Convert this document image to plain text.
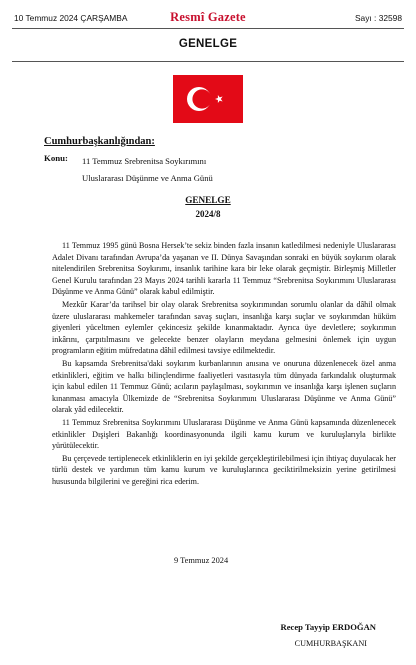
10 Temmuz 2024 ÇARŞAMBA	Resmî Gazete	Sayı : 32598
GENELGE
Cumhurbaşkanlığından:
Konu: 11 Temmuz Srebrenitsa Soykırımını
Uluslararası Düşünme ve Anma Günü
GENELGE
2024/8

11 Temmuz 1995 günü Bosna Hersek’te sekiz binden fazla insanın katledilmesi nedeniyle Uluslararası Adalet Divanı tarafından Avrupa’da yaşanan ve II. Dünya Savaşından sonraki en büyük soykırım olarak nitelendirilen Srebrenitsa Soykırımı, insanlık tarihine kara bir leke olarak geçmiştir. Birleşmiş Milletler Genel Kurulu tarafından 23 Mayıs 2024 tarihli kararla 11 Temmuz “Srebrenitsa Soykırımını Uluslararası Düşünme ve Anma Günü” olarak kabul edilmiştir.

Mezkûr Karar’da tarihsel bir olay olarak Srebrenitsa soykırımından sorumlu olanlar da dâhil olmak üzere uluslararası mahkemeler tarafından savaş suçları, insanlığa karşı suçlar ve soykırımdan hüküm giyenleri yüceltmen eylemler çekincesiz şekilde kınanmaktadır. Ayrıca üye devletlere; soykırımın inkârını, çarpıtılmasını ve gelecekte benzer olayların meydana gelmesini önlemek için uygun programların eğitim müfredatına dâhil edilmesi tavsiye edilmektedir.

Bu kapsamda Srebrenitsa'daki soykırım kurbanlarının anısına ve onuruna düzenlenecek özel anma etkinlikleri, eğitim ve halkı bilinçlendirme faaliyetleri vasıtasıyla tüm dünyada farkındalık oluşturmak için kabul edilen 11 Temmuz Günü; acıların paylaşılması, soykırımın ve insanlığa karşı işlenen suçların kınanması amacıyla Ülkemizde de “Srebrenitsa Soykırımını Uluslararası Düşünme ve Anma Günü” olarak yâd edilecektir.

11 Temmuz Srebrenitsa Soykırımını Uluslararası Düşünme ve Anma Günü kapsamında düzenlenecek etkinlikler Dışişleri Bakanlığı koordinasyonunda ilgili kamu kurum ve kuruluşlarıyla birlikte yürütülecektir.

Bu çerçevede tertiplenecek etkinliklerin en iyi şekilde gerçekleştirilebilmesi için ihtiyaç duyulacak her türlü destek ve yardımın tüm kamu kurum ve kuruluşlarınca geciktirilmeksizin yerine getirilmesi hususunda bilgilerini ve gereğini rica ederim.

9 Temmuz 2024
Recep Tayyip ERDOĞAN
CUMHURBAŞKANI
